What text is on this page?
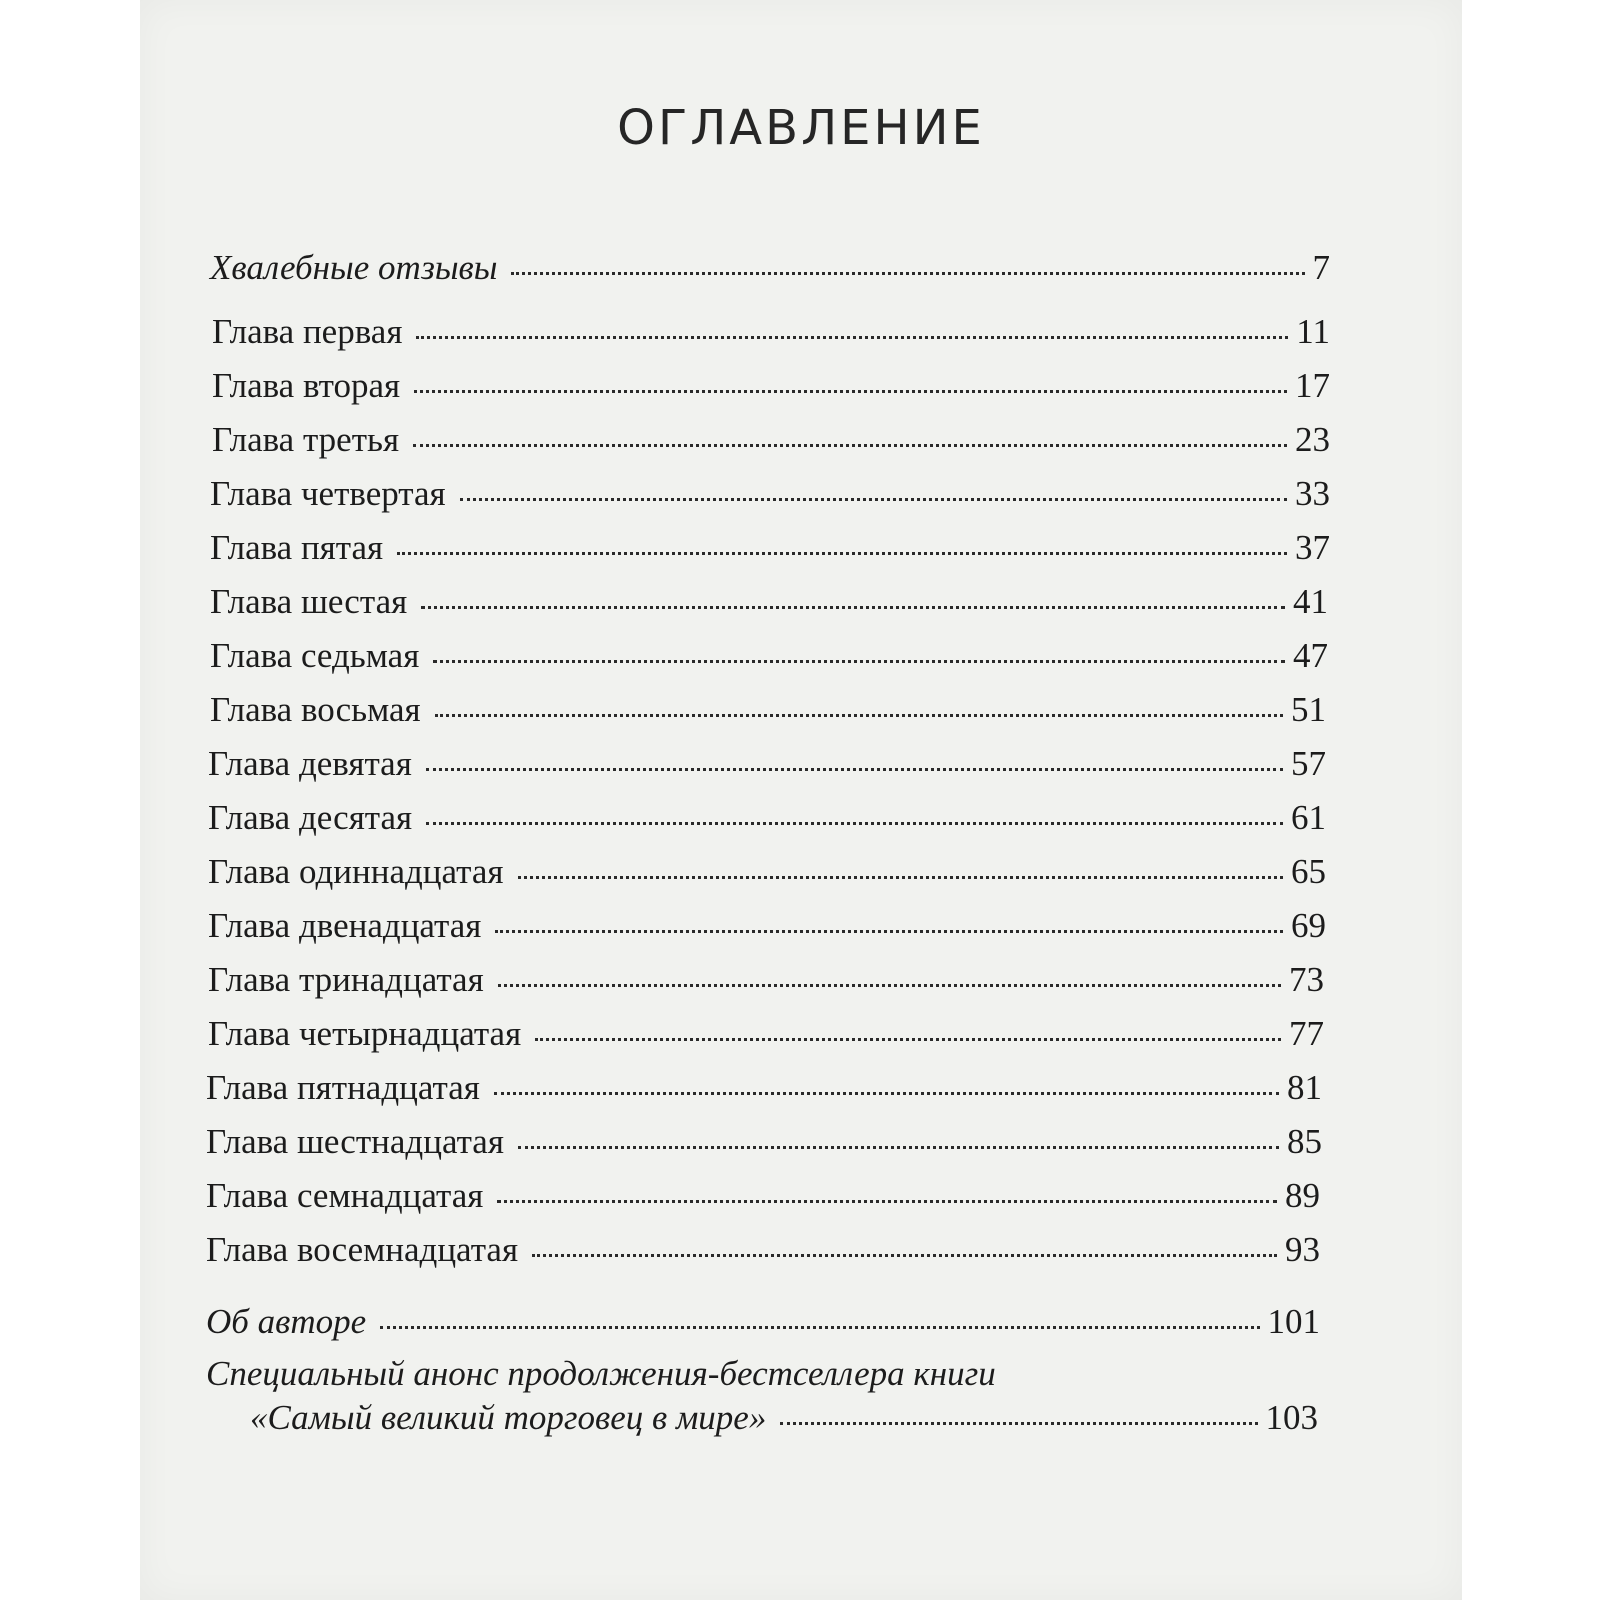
ОГЛАВЛЕНИЕ
Хвалебные отзывы	7
Глава первая	11
Глава вторая	17
Глава третья	23
Глава четвертая	33
Глава пятая	37
Глава шестая	41
Глава седьмая	47
Глава восьмая	51
Глава девятая	57
Глава десятая	61
Глава одиннадцатая	65
Глава двенадцатая	69
Глава тринадцатая	73
Глава четырнадцатая	77
Глава пятнадцатая	81
Глава шестнадцатая	85
Глава семнадцатая	89
Глава восемнадцатая	93
Об авторе	101
Специальный анонс продолжения-бестселлера книги
«Самый великий торговец в мире»	103
